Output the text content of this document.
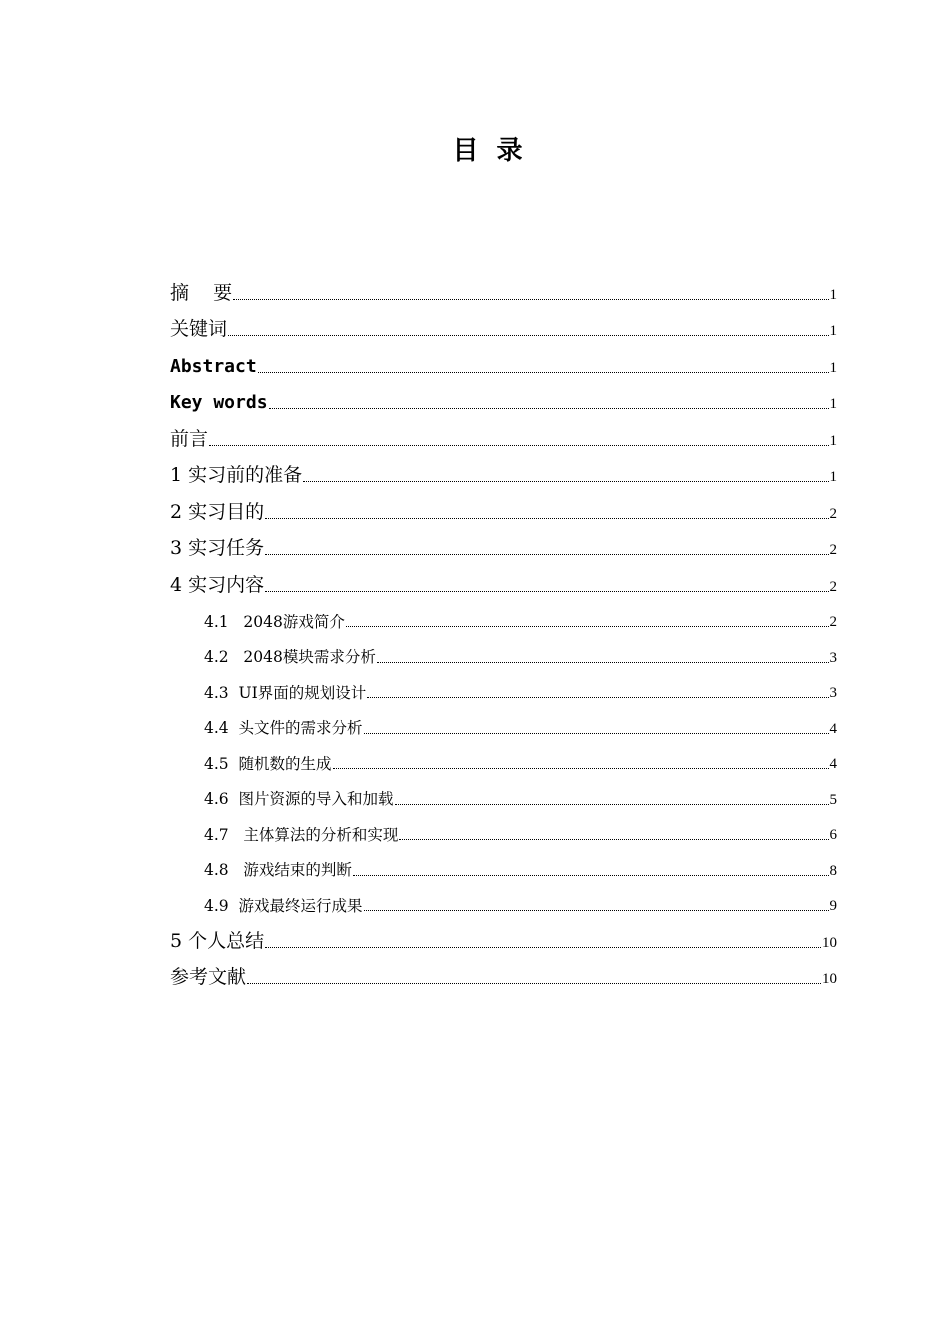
目  录
摘    要	1
关键词	1
Abstract	1
Key words	1
前言	1
1 实习前的准备	1
2 实习目的	2
3 实习任务	2
4 实习内容	2
4.1   2048游戏简介	2
4.2   2048模块需求分析	3
4.3  UI界面的规划设计	3
4.4  头文件的需求分析	4
4.5  随机数的生成	4
4.6  图片资源的导入和加载	5
4.7   主体算法的分析和实现	6
4.8   游戏结束的判断	8
4.9  游戏最终运行成果	9
5 个人总结	10
参考文献	10
